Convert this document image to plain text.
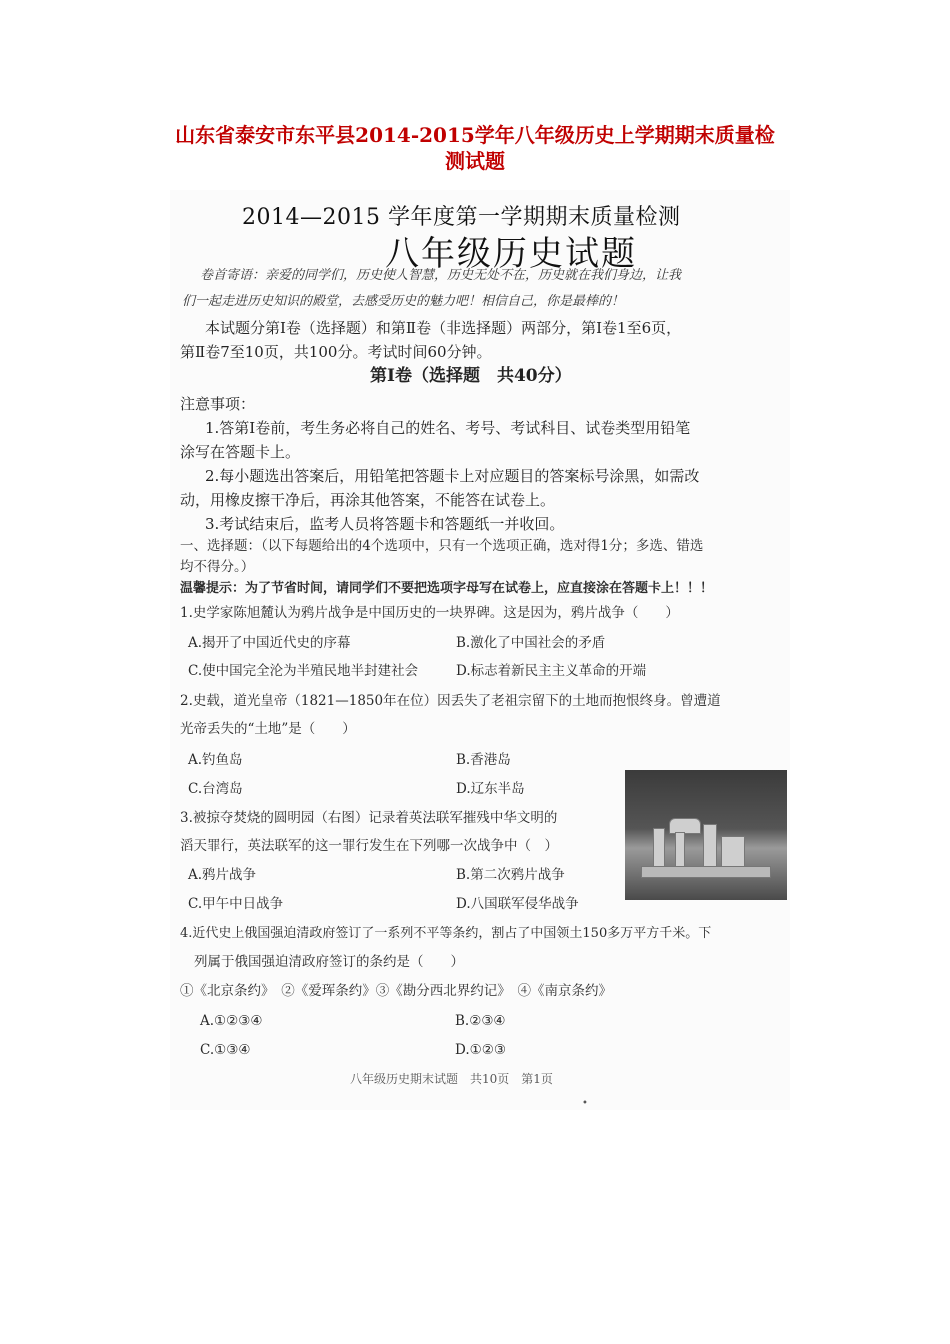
山东省泰安市东平县2014-2015学年八年级历史上学期期末质量检
测试题
2014—2015 学年度第一学期期末质量检测
八年级历史试题
卷首寄语：亲爱的同学们，历史使人智慧，历史无处不在，历史就在我们身边，让我
们一起走进历史知识的殿堂，去感受历史的魅力吧！相信自己，你是最棒的！
本试题分第Ⅰ卷（选择题）和第Ⅱ卷（非选择题）两部分，第Ⅰ卷1至6页，
第Ⅱ卷7至10页，共100分。考试时间60分钟。
第Ⅰ卷（选择题　共40分）
注意事项：
1.答第Ⅰ卷前，考生务必将自己的姓名、考号、考试科目、试卷类型用铅笔
涂写在答题卡上。
2.每小题选出答案后，用铅笔把答题卡上对应题目的答案标号涂黑，如需改
动，用橡皮擦干净后，再涂其他答案，不能答在试卷上。
3.考试结束后，监考人员将答题卡和答题纸一并收回。
一、选择题：（以下每题给出的4个选项中，只有一个选项正确，选对得1分；多选、错选
均不得分。）
温馨提示：为了节省时间，请同学们不要把选项字母写在试卷上，应直接涂在答题卡上！！！
1.史学家陈旭麓认为鸦片战争是中国历史的一块界碑。这是因为，鸦片战争（　　）
A.揭开了中国近代史的序幕	B.激化了中国社会的矛盾
C.使中国完全沦为半殖民地半封建社会	D.标志着新民主主义革命的开端
2.史载，道光皇帝（1821—1850年在位）因丢失了老祖宗留下的土地而抱恨终身。曾遭道
光帝丢失的“土地”是（　　）
A.钓鱼岛	B.香港岛
C.台湾岛	D.辽东半岛
3.被掠夺焚烧的圆明园（右图）记录着英法联军摧残中华文明的
滔天罪行，英法联军的这一罪行发生在下列哪一次战争中（　）
A.鸦片战争	B.第二次鸦片战争
C.甲午中日战争	D.八国联军侵华战争
4.近代史上俄国强迫清政府签订了一系列不平等条约，割占了中国领土150多万平方千米。下
列属于俄国强迫清政府签订的条约是（　　）
①《北京条约》　②《爱珲条约》③《勘分西北界约记》　④《南京条约》
A.①②③④	B.②③④
C.①③④	D.①②③
八年级历史期末试题　共10页　第1页
•
